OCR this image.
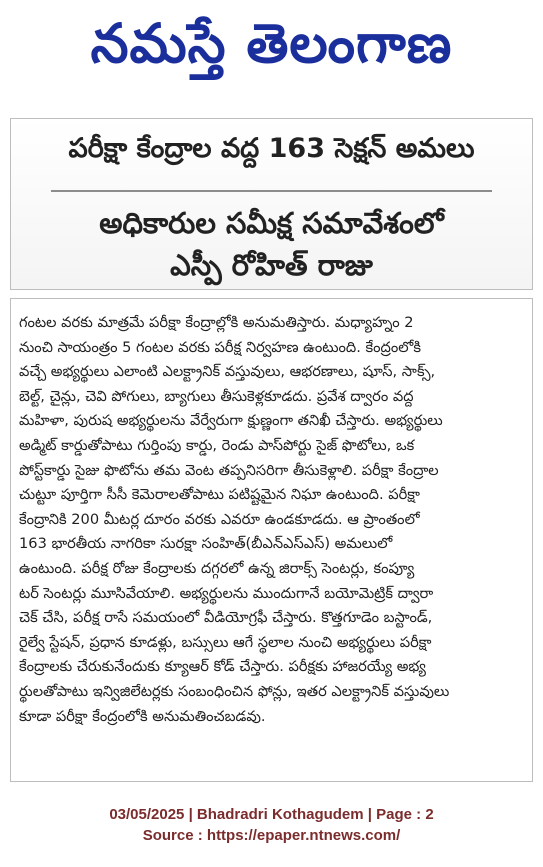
నమస్తే తెలంగాణ
పరీక్షా కేంద్రాల వద్ద 163 సెక్షన్ అమలు
అధికారుల సమీక్ష సమావేశంలో
ఎస్పీ రోహిత్ రాజు
గంటల వరకు మాత్రమే పరీక్షా కేంద్రాల్లోకి అనుమతిస్తారు. మధ్యాహ్నం 2
నుంచి సాయంత్రం 5 గంటల వరకు పరీక్ష నిర్వహణ ఉంటుంది. కేంద్రంలోకి
వచ్చే అభ్యర్థులు ఎలాంటి ఎలక్ట్రానిక్ వస్తువులు, ఆభరణాలు, షూస్, సాక్స్,
బెల్ట్, చైన్లు, చెవి పోగులు, బ్యాగులు తీసుకెళ్లకూడదు. ప్రవేశ ద్వారం వద్ద
మహిళా, పురుష అభ్యర్థులను వేర్వేరుగా క్షుణ్ణంగా తనిఖీ చేస్తారు. అభ్యర్థులు
అడ్మిట్ కార్డుతోపాటు గుర్తింపు కార్డు, రెండు పాస్‌పోర్టు సైజ్ ఫొటోలు, ఒక
పోస్ట్‌కార్డు సైజు ఫొటోను తమ వెంట తప్పనిసరిగా తీసుకెళ్లాలి. పరీక్షా కేంద్రాల
చుట్టూ పూర్తిగా సీసీ కెమెరాలతోపాటు పటిష్టమైన నిఘా ఉంటుంది. పరీక్షా
కేంద్రానికి 200 మీటర్ల దూరం వరకు ఎవరూ ఉండకూడదు. ఆ ప్రాంతంలో
163 భారతీయ నాగరికా సురక్షా సంహిత్(బీఎన్ఎస్ఎస్) అమలులో
ఉంటుంది. పరీక్ష రోజు కేంద్రాలకు దగ్గరలో ఉన్న జిరాక్స్ సెంటర్లు, కంప్యూ
టర్ సెంటర్లు మూసివేయాలి. అభ్యర్థులను ముందుగానే బయోమెట్రిక్ ద్వారా
చెక్ చేసి, పరీక్ష రాసే సమయంలో వీడియోగ్రఫీ చేస్తారు. కొత్తగూడెం బస్టాండ్,
రైల్వే స్టేషన్, ప్రధాన కూడళ్లు, బస్సులు ఆగే స్థలాల నుంచి అభ్యర్థులు పరీక్షా
కేంద్రాలకు చేరుకునేందుకు క్యూఆర్ కోడ్ చేస్తారు. పరీక్షకు హాజరయ్యే అభ్య
ర్థులతోపాటు ఇన్విజిలేటర్లకు సంబంధించిన ఫోన్లు, ఇతర ఎలక్ట్రానిక్ వస్తువులు
కూడా పరీక్షా కేంద్రంలోకి అనుమతించబడవు.
03/05/2025 | Bhadradri Kothagudem | Page : 2
Source : https://epaper.ntnews.com/
